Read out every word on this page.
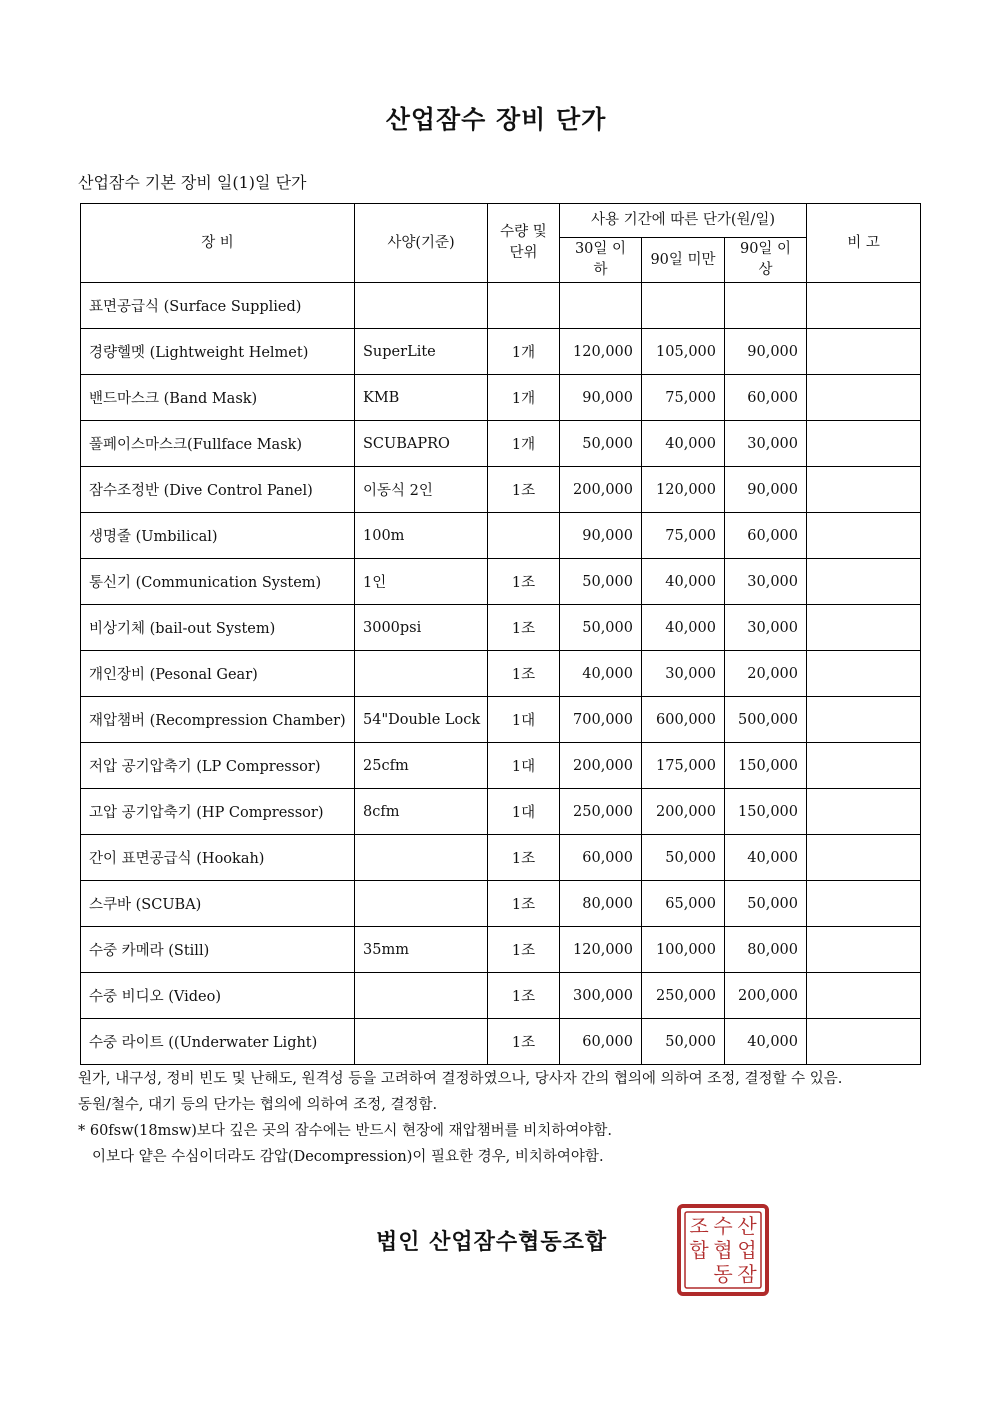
산업잠수 장비 단가
산업잠수 기본 장비 일(1)일 단가
장 비	사양(기준)	수량 및 단위	사용 기간에 따른 단가(원/일)			비 고
			30일 이하	90일 미만	90일 이상	
표면공급식 (Surface Supplied)						
경량헬멧 (Lightweight Helmet)	SuperLite	1개	120,000	105,000	90,000	
밴드마스크 (Band Mask)	KMB	1개	90,000	75,000	60,000	
풀페이스마스크(Fullface Mask)	SCUBAPRO	1개	50,000	40,000	30,000	
잠수조정반 (Dive Control Panel)	이동식 2인	1조	200,000	120,000	90,000	
생명줄 (Umbilical)	100m		90,000	75,000	60,000	
통신기 (Communication System)	1인	1조	50,000	40,000	30,000	
비상기체 (bail-out System)	3000psi	1조	50,000	40,000	30,000	
개인장비 (Pesonal Gear)		1조	40,000	30,000	20,000	
재압챔버 (Recompression Chamber)	54"Double Lock	1대	700,000	600,000	500,000	
저압 공기압축기 (LP Compressor)	25cfm	1대	200,000	175,000	150,000	
고압 공기압축기 (HP Compressor)	8cfm	1대	250,000	200,000	150,000	
간이 표면공급식 (Hookah)		1조	60,000	50,000	40,000	
스쿠바 (SCUBA)		1조	80,000	65,000	50,000	
수중 카메라 (Still)	35mm	1조	120,000	100,000	80,000	
수중 비디오 (Video)		1조	300,000	250,000	200,000	
수중 라이트 ((Underwater Light)		1조	60,000	50,000	40,000	

원가, 내구성, 정비 빈도 및 난해도, 원격성 등을 고려하여 결정하였으나, 당사자 간의 협의에 의하여 조정, 결정할 수 있음.

동원/철수, 대기 등의 단가는 협의에 의하여 조정, 결정함.

* 60fsw(18msw)보다 깊은 곳의 잠수에는 반드시 현장에 재압챔버를 비치하여야함.

이보다 얕은 수심이더라도 감압(Decompression)이 필요한 경우, 비치하여야함.

법인 산업잠수협동조합
산
업
잠
수
협
동
조
합
